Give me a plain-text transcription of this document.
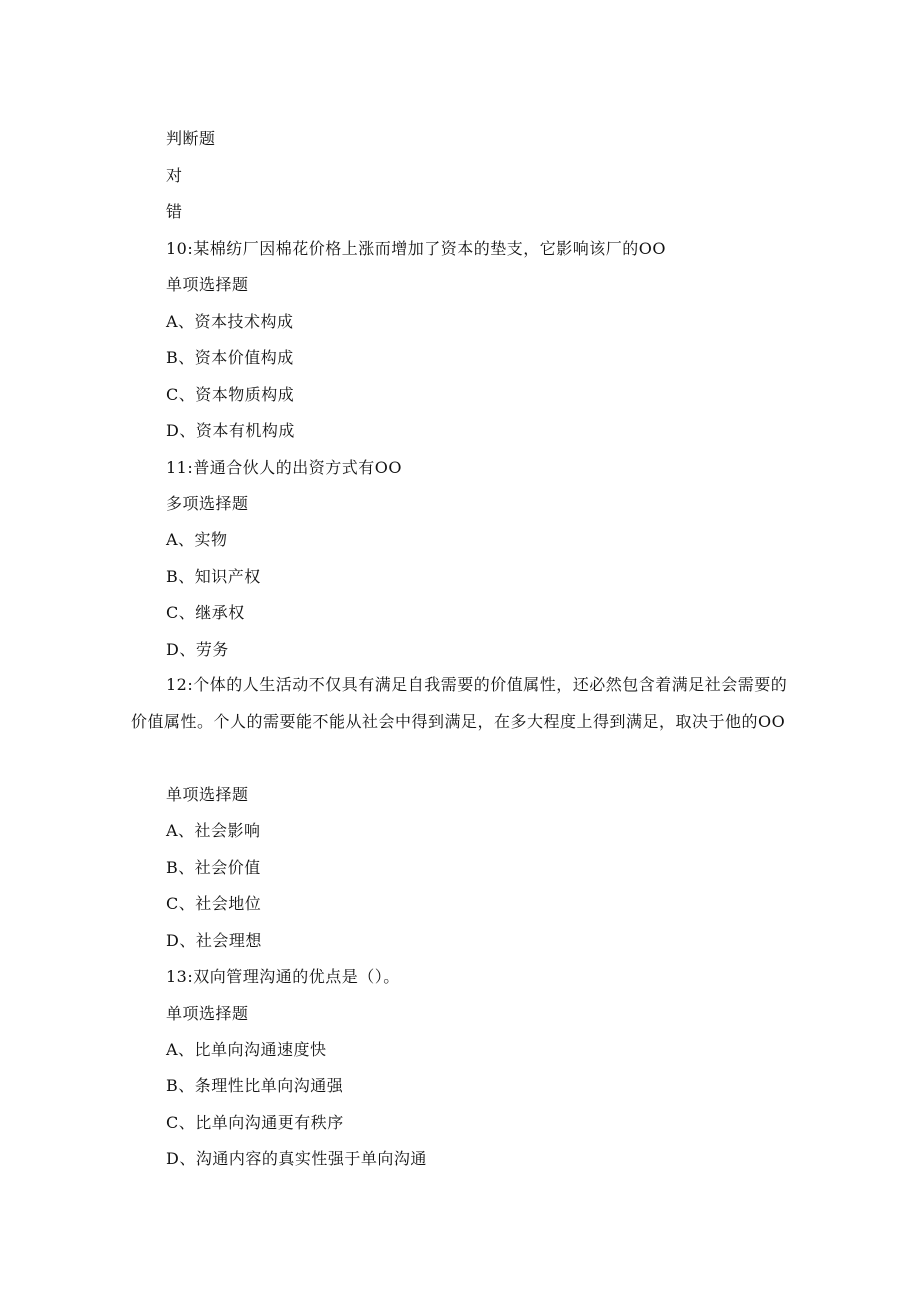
判断题
对
错
10:某棉纺厂因棉花价格上涨而增加了资本的垫支，它影响该厂的OO
单项选择题
A、资本技术构成
B、资本价值构成
C、资本物质构成
D、资本有机构成
11:普通合伙人的出资方式有OO
多项选择题
A、实物
B、知识产权
C、继承权
D、劳务
12:个体的人生活动不仅具有满足自我需要的价值属性，还必然包含着满足社会需要的价值属性。个人的需要能不能从社会中得到满足，在多大程度上得到满足，取决于他的OO
单项选择题
A、社会影响
B、社会价值
C、社会地位
D、社会理想
13:双向管理沟通的优点是（）。
单项选择题
A、比单向沟通速度快
B、条理性比单向沟通强
C、比单向沟通更有秩序
D、沟通内容的真实性强于单向沟通
